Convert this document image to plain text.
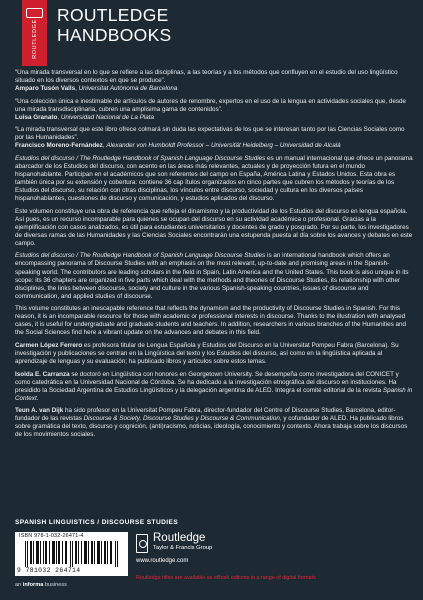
ROUTLEDGE
ROUTLEDGE
HANDBOOKS

“Una mirada transversal en lo que se refiere a las disciplinas, a las teorías y a los métodos que confluyen en el estudio del uso lingüístico situado en los diversos contextos en que se produce”.
Amparo Tusón Valls, Universitat Autònoma de Barcelona

“Una colección única e inestimable de artículos de autores de renombre, expertos en el uso de la lengua en actividades sociales que, desde una mirada transdisciplinaria, cubren una amplisima gama de contenidos”.
Luisa Granato, Universidad Nacional de La Plata

“La mirada transversal que este libro ofrece colmará sin duda las expectativas de los que se interesan tanto por las Ciencias Sociales como por las Humanidades”.
Francisco Moreno-Fernández, Alexander von Humboldt Professor – Universität Heidelberg – Universidad de Alcalá

Estudios del discurso / The Routledge Handbook of Spanish Language Discourse Studies es un manual internacional que ofrece un panorama abarcador de los Estudios del discurso, con acento en las áreas más relevantes, actuales y de proyección futura en el mundo hispanohablante. Participan en el académicos que son referentes del campo en España, América Latina y Estados Unidos. Esta obra es también única por su extensión y cobertura: contiene 36 cap ítulos organizados en cinco partes que cubren los métodos y teorías de los Estudios del discurso, su relación con otras disciplinas, los vínculos entre discurso, sociedad y cultura en los diversos países hispanohablantes, cuestiones de discurso y comunicación, y estudios aplicados del discurso.

Este volumen constituye una obra de referencia que refleja el dinamismo y la productividad de los Estudios del discurso en lengua española. Así pues, es un recurso incomparable para quienes se ocupan del discurso en su actividad académica o profesional. Gracias a la ejemplificación con casos analizados, es útil para estudiantes universitarios y docentes de grado y posgrado. Por su parte, los investigadores de diversas ramas de las Humanidades y las Ciencias Sociales encontrarán una estupenda puesta al día sobre los avances y debates en este campo.

Estudios del discurso / The Routledge Handbook of Spanish Language Discourse Studies is an international handbook which offers an encompassing panorama of Discourse Studies with an emphasis on the most relevant, up-to-date and promising areas in the Spanish-speaking world. The contributors are leading scholars in the field in Spain, Latin America and the United States. This book is also unique in its scope: its 36 chapters are organized in five parts which deal with the methods and theories of Discourse Studies, its relationship with other disciplines, the links between discourse, society and culture in the various Spanish-speaking countries, issues of discourse and communication, and applied studies of discourse.

This volume constitutes an inescapable reference that reflects the dynamism and the productivity of Discourse Studies in Spanish. For this reason, it is an incomparable resource for those with academic or professional interests in discourse. Thanks to the illustration with analysed cases, it is useful for undergraduate and graduate students and teachers. In addition, researchers in various branches of the Humanities and the Social Sciences find here a vibrant update on the advances and debates in this field.

Carmen López Ferrero es profesora titular de Lengua Española y Estudios del Discurso en la Universitat Pompeu Fabra (Barcelona). Su investigación y publicaciones se centran en la Lingüística del texto y los Estudios del discurso, así como en la lingüística aplicada al aprendizaje de lenguas y su evaluación; ha publicado libros y artículos sobre estos temas.

Isolda E. Carranza se doctoró en Lingüística con honores en Georgetown University. Se desempeña como investigadora del CONICET y como catedrática en la Universidad Nacional de Córdoba. Se ha dedicado a la investigación etnográfica del discurso en instituciones. Ha presidido la Sociedad Argentina de Estudios Lingüísticos y la delegación argentina de ALED. Integra el comité editorial de la revista Spanish in Context.

Teun A. van Dijk ha sido profesor en la Universitat Pompeu Fabra, director-fundador del Centre of Discourse Studies, Barcelona, editor-fundador de las revistas Discourse & Society, Discourse Studies y Discourse & Communication, y cofundador de ALED. Ha publicado libros sobre gramática del texto, discurso y cognición, (anti)racismo, noticias, ideología, conocimiento y contexto. Ahora trabaja sobre los discursos de los movimientos sociales.

SPANISH LINGUISTICS / DISCOURSE STUDIES
ISBN 978-1-032-26471-4
9 781032 264714
Routledge
Taylor & Francis Group
www.routledge.com
Routledge titles are available as eBook editions in a range of digital formats
an informa business
